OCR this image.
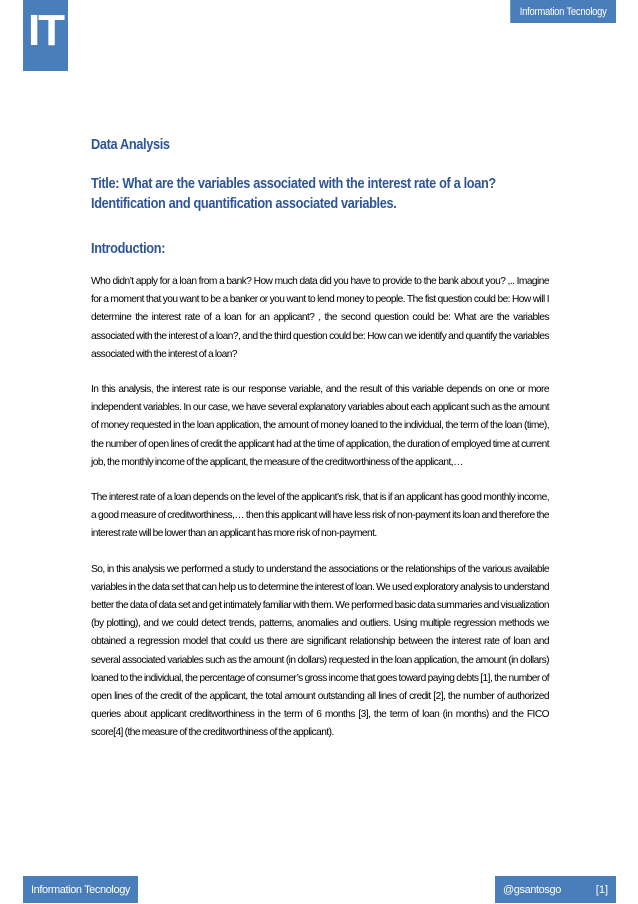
IT	Information Tecnology
Data Analysis
Title: What are the variables associated with the interest rate of a loan?
Identification and quantification associated variables.
Introduction:

Who didn’t apply for a loan from a bank? How much data did you have to provide to the bank about you? ,.. Imagine for a moment that you want to be a banker or you want to lend money to people. The fist question could be: How will I determine the interest rate of a loan for an applicant? , the second question could be: What are the variables associated with the interest of a loan?, and the third question could be: How can we identify and quantify the variables associated with the interest of a loan?

In this analysis, the interest rate is our response variable, and the result of this variable depends on one or more independent variables. In our case, we have several explanatory variables about each applicant such as the amount of money requested in the loan application, the amount of money loaned to the individual, the term of the loan (time), the number of open lines of credit the applicant had at the time of application, the duration of employed time at current job, the monthly income of the applicant, the measure of the creditworthiness of the applicant,…

The interest rate of a loan depends on the level of the applicant’s risk, that is if an applicant has good monthly income, a good measure of creditworthiness,… then this applicant will have less risk of non-payment its loan and therefore the interest rate will be lower than an applicant has more risk of non-payment.

So, in this analysis we performed a study to understand the associations or the relationships of the various available variables in the data set that can help us to determine the interest of loan. We used exploratory analysis to understand better the data of data set and get intimately familiar with them. We performed basic data summaries and visualization (by plotting), and we could detect trends, patterns, anomalies and outliers. Using multiple regression methods we obtained a regression model that could us there are significant relationship between the interest rate of loan and several associated variables such as the amount (in dollars) requested in the loan application, the amount (in dollars) loaned to the individual, the percentage of consumer’s gross income that goes toward paying debts [1], the number of open lines of the credit of the applicant, the total amount outstanding all lines of credit [2], the number of authorized queries about applicant creditworthiness in the term of 6 months [3], the term of loan (in months) and the FICO score[4] (the measure of the creditworthiness of the applicant).

Information Tecnology	@gsantosgo	[1]
